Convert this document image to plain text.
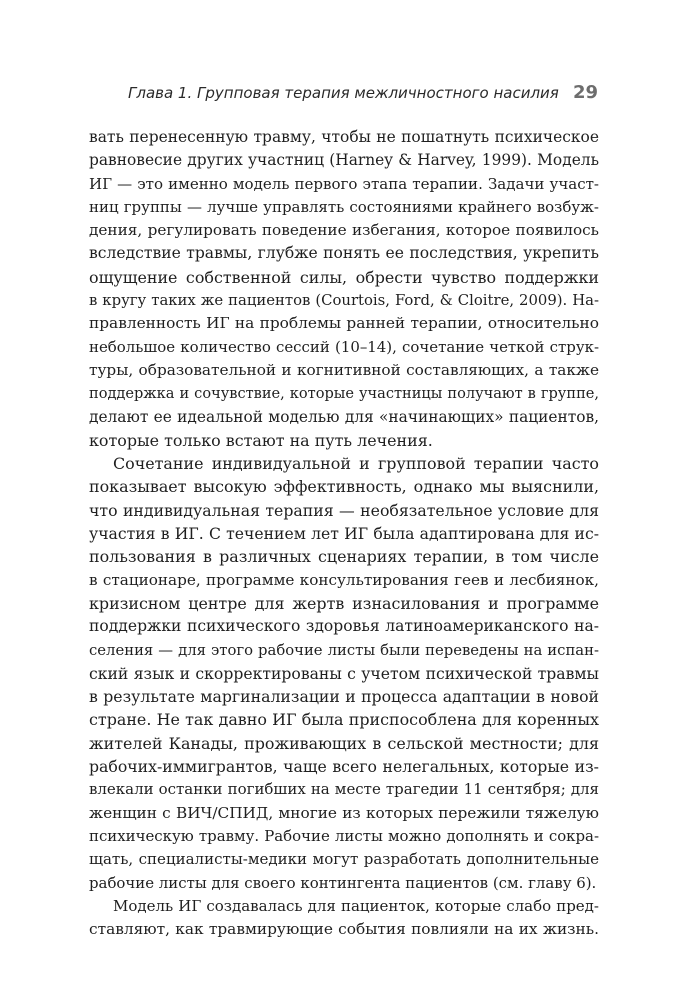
Глава 1. Групповая терапия межличностного насилия 29
вать перенесенную травму, чтобы не пошатнуть психическое
равновесие других участниц (Harney & Harvey, 1999). Модель
ИГ — это именно модель первого этапа терапии. Задачи участ-
ниц группы — лучше управлять состояниями крайнего возбуж-
дения, регулировать поведение избегания, которое появилось
вследствие травмы, глубже понять ее последствия, укрепить
ощущение собственной силы, обрести чувство поддержки
в кругу таких же пациентов (Courtois, Ford, & Cloitre, 2009). На-
правленность ИГ на проблемы ранней терапии, относительно
небольшое количество сессий (10–14), сочетание четкой струк-
туры, образовательной и когнитивной составляющих, а также
поддержка и сочувствие, которые участницы получают в группе,
делают ее идеальной моделью для «начинающих» пациентов,
которые только встают на путь лечения.
Сочетание индивидуальной и групповой терапии часто
показывает высокую эффективность, однако мы выяснили,
что индивидуальная терапия — необязательное условие для
участия в ИГ. С течением лет ИГ была адаптирована для ис-
пользования в различных сценариях терапии, в том числе
в стационаре, программе консультирования геев и лесбиянок,
кризисном центре для жертв изнасилования и программе
поддержки психического здоровья латиноамериканского на-
селения — для этого рабочие листы были переведены на испан-
ский язык и скорректированы с учетом психической травмы
в результате маргинализации и процесса адаптации в новой
стране. Не так давно ИГ была приспособлена для коренных
жителей Канады, проживающих в сельской местности; для
рабочих-иммигрантов, чаще всего нелегальных, которые из-
влекали останки погибших на месте трагедии 11 сентября; для
женщин с ВИЧ/СПИД, многие из которых пережили тяжелую
психическую травму. Рабочие листы можно дополнять и сокра-
щать, специалисты-медики могут разработать дополнительные
рабочие листы для своего контингента пациентов (см. главу 6).
Модель ИГ создавалась для пациенток, которые слабо пред-
ставляют, как травмирующие события повлияли на их жизнь.
